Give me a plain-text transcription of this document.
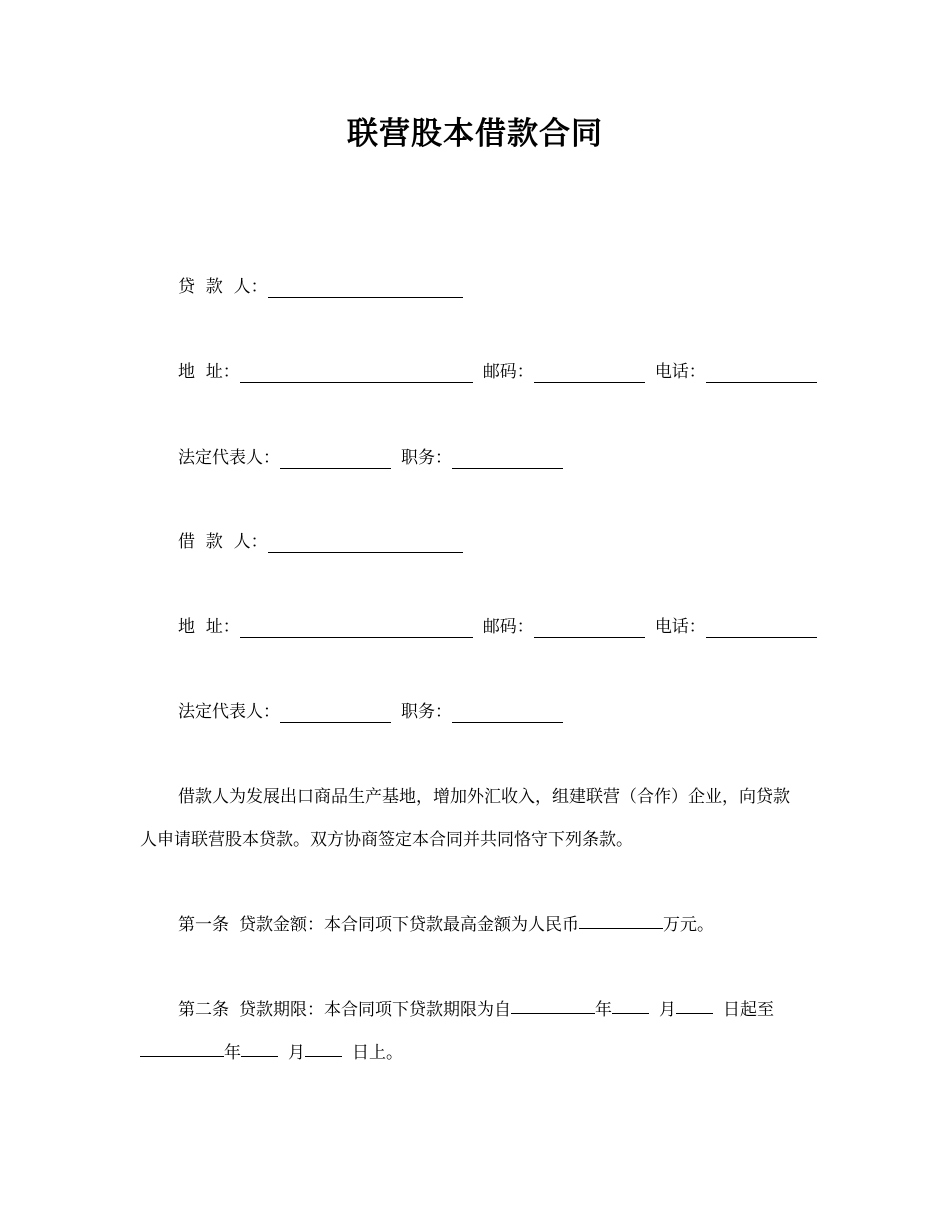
联营股本借款合同
贷  款  人：
地  址：	邮码：	电话：
法定代表人：	职务：
借  款  人：
地  址：	邮码：	电话：
法定代表人：	职务：
借款人为发展出口商品生产基地，增加外汇收入，组建联营（合作）企业，向贷款
人申请联营股本贷款。双方协商签定本合同并共同恪守下列条款。
第一条 贷款金额：本合同项下贷款最高金额为人民币	万元。
第二条 贷款期限：本合同项下贷款期限为自	年	月	日起至
年	月	日上。
